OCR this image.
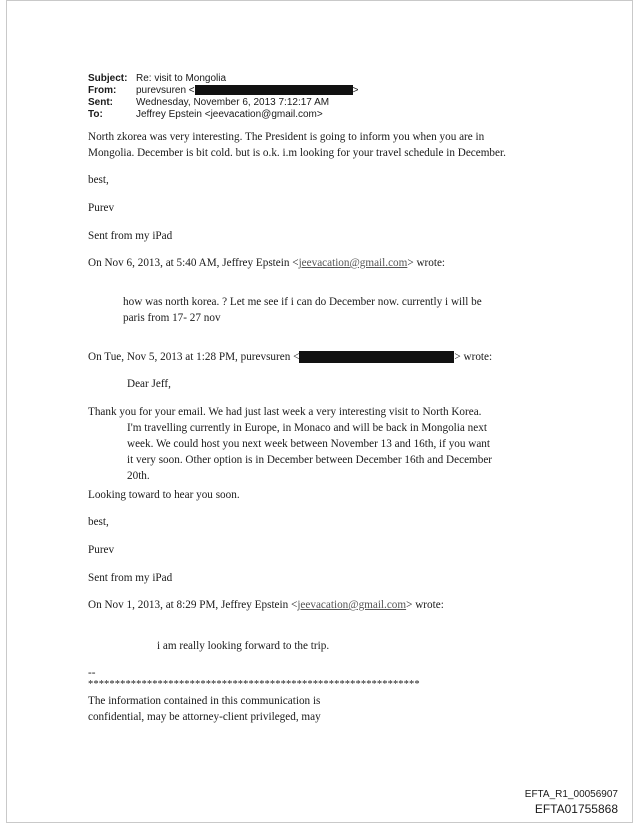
Subject: Re: visit to Mongolia
From:	purevsuren <	>
Sent:	Wednesday, November 6, 2013 7:12:17 AM
To:	Jeffrey Epstein <jeevacation@gmail.com>
North zkorea was very interesting. The President is going to inform you when you are in
Mongolia. December is bit cold. but is o.k. i.m looking for your travel schedule in December.
best,
Purev
Sent from my iPad
On Nov 6, 2013, at 5:40 AM, Jeffrey Epstein <jeevacation@gmail.com> wrote:
how was north korea. ? Let me see if i can do December now. currently i will be
paris from 17- 27 nov
On Tue, Nov 5, 2013 at 1:28 PM, purevsuren <	> wrote:
Dear Jeff,
Thank you for your email. We had just last week a very interesting visit to North Korea.
I'm travelling currently in Europe, in Monaco and will be back in Mongolia next
week. We could host you next week between November 13 and 16th, if you want
it very soon. Other option is in December between December 16th and December
20th.
Looking toward to hear you soon.
best,
Purev
Sent from my iPad
On Nov 1, 2013, at 8:29 PM, Jeffrey Epstein <jeevacation@gmail.com> wrote:
i am really looking forward to the trip.
--
**************************************************************
The information contained in this communication is
confidential, may be attorney-client privileged, may
EFTA_R1_00056907
EFTA01755868
